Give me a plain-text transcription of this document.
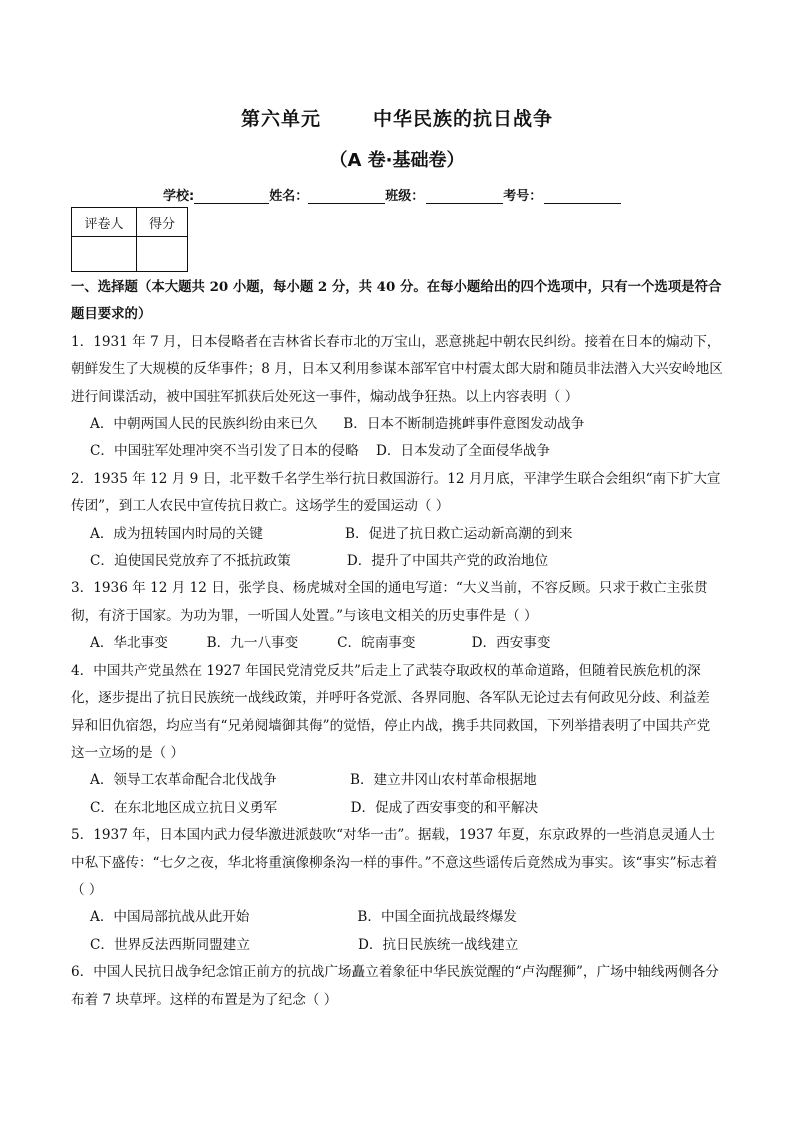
第六单元	中华民族的抗日战争
（A 卷·基础卷）
学校:	姓名：	班级：	考号：
评卷人	得分

一、选择题（本大题共 20 小题，每小题 2 分，共 40 分。在每小题给出的四个选项中，只有一个选项是符合题目要求的）

1．1931 年 7 月，日本侵略者在吉林省长春市北的万宝山，恶意挑起中朝农民纠纷。接着在日本的煽动下，朝鲜发生了大规模的反华事件；8 月，日本又利用参谋本部军官中村震太郎大尉和随员非法潜入大兴安岭地区进行间谍活动，被中国驻军抓获后处死这一事件，煽动战争狂热。以上内容表明（ ）

A．中朝两国人民的民族纠纷由来已久      B．日本不断制造挑衅事件意图发动战争
C．中国驻军处理冲突不当引发了日本的侵略    D．日本发动了全面侵华战争

2．1935 年 12 月 9 日，北平数千名学生举行抗日救国游行。12 月月底，平津学生联合会组织“南下扩大宣传团”，到工人农民中宣传抗日救亡。这场学生的爱国运动（ ）

A．成为扭转国内时局的关键                   B．促进了抗日救亡运动新高潮的到来
C．迫使国民党放弃了不抵抗政策             D．提升了中国共产党的政治地位

3．1936 年 12 月 12 日，张学良、杨虎城对全国的通电写道：“大义当前，不容反顾。只求于救亡主张贯彻，有济于国家。为功为罪，一听国人处置。”与该电文相关的历史事件是（ ）

A．华北事变         B．九一八事变         C．皖南事变             D．西安事变

4．中国共产党虽然在 1927 年国民党清党反共”后走上了武装夺取政权的革命道路，但随着民族危机的深化，逐步提出了抗日民族统一战线政策，并呼吁各党派、各界同胞、各军队无论过去有何政见分歧、利益差异和旧仇宿怨，均应当有“兄弟阋墙御其侮”的觉悟，停止内战，携手共同救国，下列举措表明了中国共产党这一立场的是（ ）

A．领导工农革命配合北伐战争                 B．建立井冈山农村革命根据地
C．在东北地区成立抗日义勇军                 D．促成了西安事变的和平解决

5．1937 年，日本国内武力侵华激进派鼓吹“对华一击”。据载，1937 年夏，东京政界的一些消息灵通人士中私下盛传：“七夕之夜，华北将重演像柳条沟一样的事件。”不意这些谣传后竟然成为事实。该“事实”标志着（ ）

A．中国局部抗战从此开始                         B．中国全面抗战最终爆发
C．世界反法西斯同盟建立                         D．抗日民族统一战线建立

6．中国人民抗日战争纪念馆正前方的抗战广场矗立着象征中华民族觉醒的“卢沟醒狮”，广场中轴线两侧各分布着 7 块草坪。这样的布置是为了纪念（ ）
